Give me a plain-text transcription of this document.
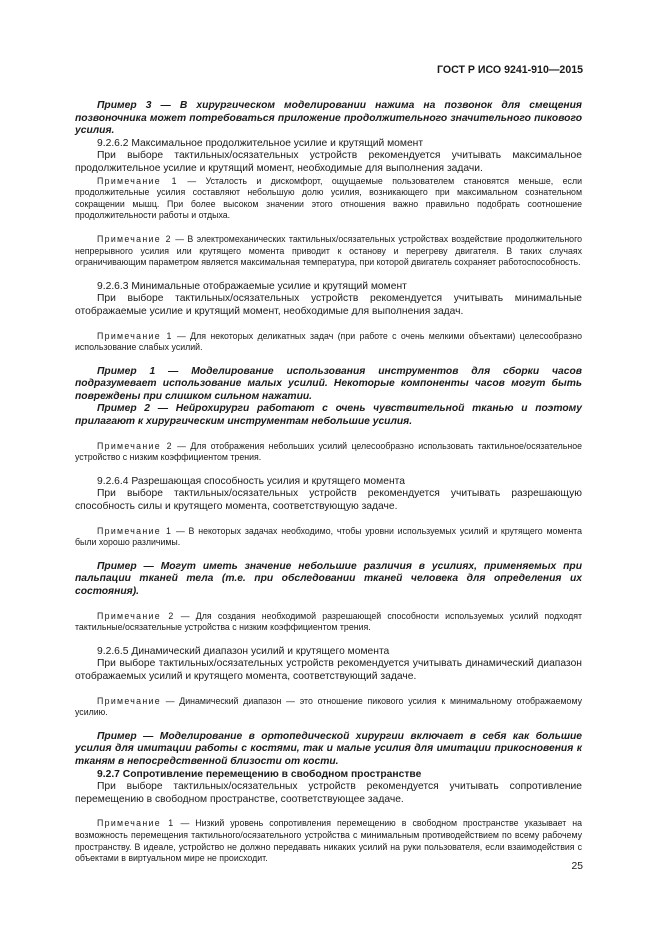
ГОСТ Р ИСО 9241-910—2015

Пример 3 — В хирургическом моделировании нажима на позвонок для смещения позвоночника может потребоваться приложение продолжительного значительного пикового усилия.

9.2.6.2 Максимальное продолжительное усилие и крутящий момент

При выборе тактильных/осязательных устройств рекомендуется учитывать максимальное продолжительное усилие и крутящий момент, необходимые для выполнения задачи.

Примечание 1 — Усталость и дискомфорт, ощущаемые пользователем становятся меньше, если продолжительные усилия составляют небольшую долю усилия, возникающего при максимальном сознательном сокращении мышц. При более высоком значении этого отношения важно правильно подобрать соотношение продолжительности работы и отдыха.

Примечание 2 — В электромеханических тактильных/осязательных устройствах воздействие продолжительного непрерывного усилия или крутящего момента приводит к останову и перегреву двигателя. В таких случаях ограничивающим параметром является максимальная температура, при которой двигатель сохраняет работоспособность.

9.2.6.3 Минимальные отображаемые усилие и крутящий момент

При выборе тактильных/осязательных устройств рекомендуется учитывать минимальные отображаемые усилие и крутящий момент, необходимые для выполнения задач.

Примечание 1 — Для некоторых деликатных задач (при работе с очень мелкими объектами) целесообразно использование слабых усилий.

Пример 1 — Моделирование использования инструментов для сборки часов подразумевает использование малых усилий. Некоторые компоненты часов могут быть повреждены при слишком сильном нажатии.

Пример 2 — Нейрохирурги работают с очень чувствительной тканью и поэтому прилагают к хирургическим инструментам небольшие усилия.

Примечание 2 — Для отображения небольших усилий целесообразно использовать тактильное/осязательное устройство с низким коэффициентом трения.

9.2.6.4 Разрешающая способность усилия и крутящего момента

При выборе тактильных/осязательных устройств рекомендуется учитывать разрешающую способность силы и крутящего момента, соответствующую задаче.

Примечание 1 — В некоторых задачах необходимо, чтобы уровни используемых усилий и крутящего момента были хорошо различимы.

Пример — Могут иметь значение небольшие различия в усилиях, применяемых при пальпации тканей тела (т.е. при обследовании тканей человека для определения их состояния).

Примечание 2 — Для создания необходимой разрешающей способности используемых усилий подходят тактильные/осязательные устройства с низким коэффициентом трения.

9.2.6.5 Динамический диапазон усилий и крутящего момента

При выборе тактильных/осязательных устройств рекомендуется учитывать динамический диапазон отображаемых усилий и крутящего момента, соответствующий задаче.

Примечание — Динамический диапазон — это отношение пикового усилия к минимальному отображаемому усилию.

Пример — Моделирование в ортопедической хирургии включает в себя как большие усилия для имитации работы с костями, так и малые усилия для имитации прикосновения к тканям в непосредственной близости от кости.

9.2.7 Сопротивление перемещению в свободном пространстве

При выборе тактильных/осязательных устройств рекомендуется учитывать сопротивление перемещению в свободном пространстве, соответствующее задаче.

Примечание 1 — Низкий уровень сопротивления перемещению в свободном пространстве указывает на возможность перемещения тактильного/осязательного устройства с минимальным противодействием по всему рабочему пространству. В идеале, устройство не должно передавать никаких усилий на руки пользователя, если взаимодействия с объектами в виртуальном мире не происходит.

25
